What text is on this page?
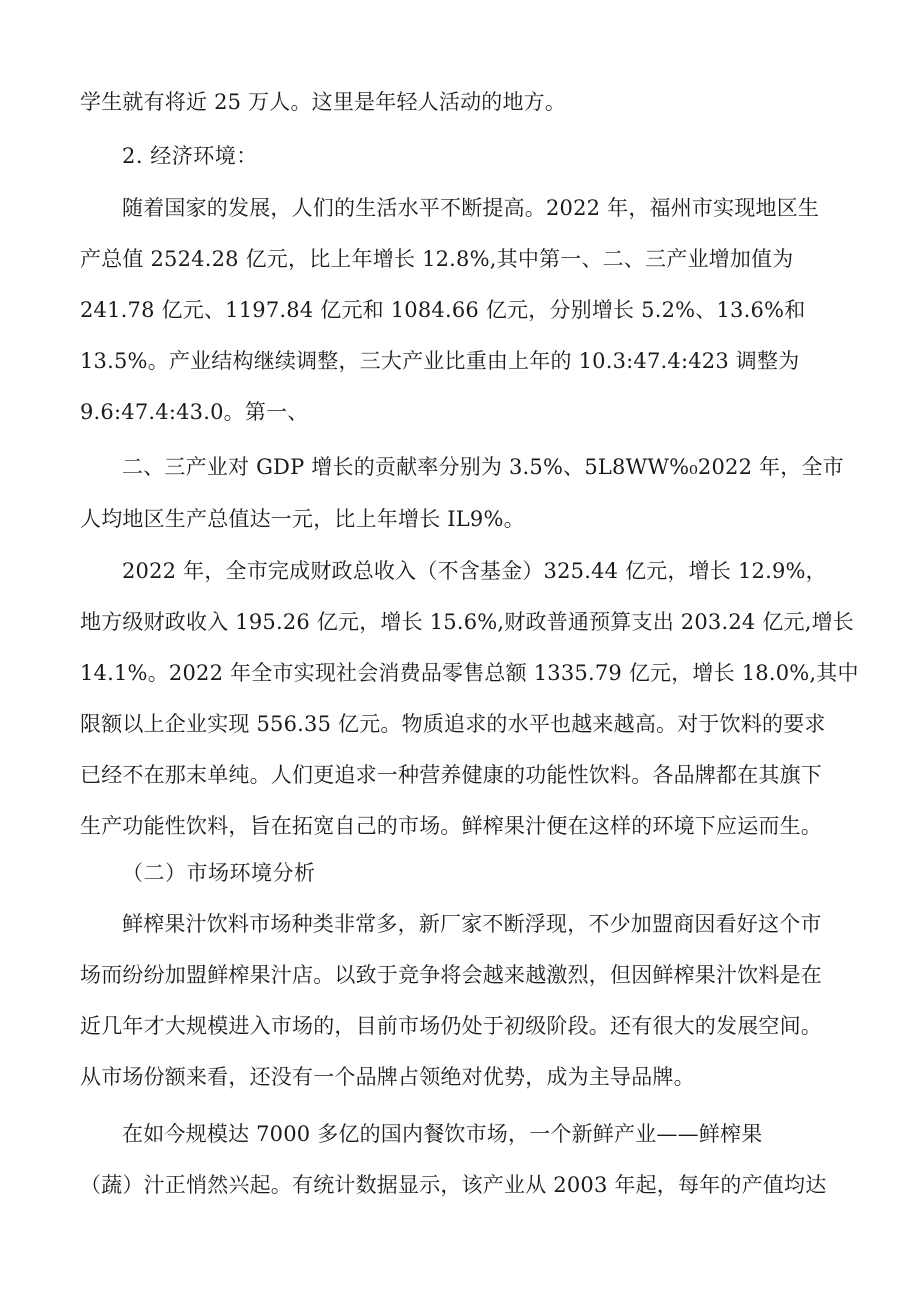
学生就有将近 25 万人。这里是年轻人活动的地方。
2. 经济环境：
随着国家的发展，人们的生活水平不断提高。2022 年，福州市实现地区生
产总值 2524.28 亿元，比上年增长 12.8%,其中第一、二、三产业增加值为
241.78 亿元、1197.84 亿元和 1084.66 亿元，分别增长 5.2%、13.6%和
13.5%。产业结构继续调整，三大产业比重由上年的 10.3:47.4:423 调整为
9.6:47.4:43.0。第一、
二、三产业对 GDP 增长的贡献率分别为 3.5%、5L8WW%₀2022 年，全市
人均地区生产总值达一元，比上年增长 IL9%。
2022 年，全市完成财政总收入（不含基金）325.44 亿元，增长 12.9%，
地方级财政收入 195.26 亿元，增长 15.6%,财政普通预算支出 203.24 亿元,增长
14.1%。2022 年全市实现社会消费品零售总额 1335.79 亿元，增长 18.0%,其中
限额以上企业实现 556.35 亿元。物质追求的水平也越来越高。对于饮料的要求
已经不在那末单纯。人们更追求一种营养健康的功能性饮料。各品牌都在其旗下
生产功能性饮料，旨在拓宽自己的市场。鲜榨果汁便在这样的环境下应运而生。
（二）市场环境分析
鲜榨果汁饮料市场种类非常多，新厂家不断浮现，不少加盟商因看好这个市
场而纷纷加盟鲜榨果汁店。以致于竞争将会越来越激烈，但因鲜榨果汁饮料是在
近几年才大规模进入市场的，目前市场仍处于初级阶段。还有很大的发展空间。
从市场份额来看，还没有一个品牌占领绝对优势，成为主导品牌。
在如今规模达 7000 多亿的国内餐饮市场，一个新鲜产业——鲜榨果
（蔬）汁正悄然兴起。有统计数据显示，该产业从 2003 年起，每年的产值均达
